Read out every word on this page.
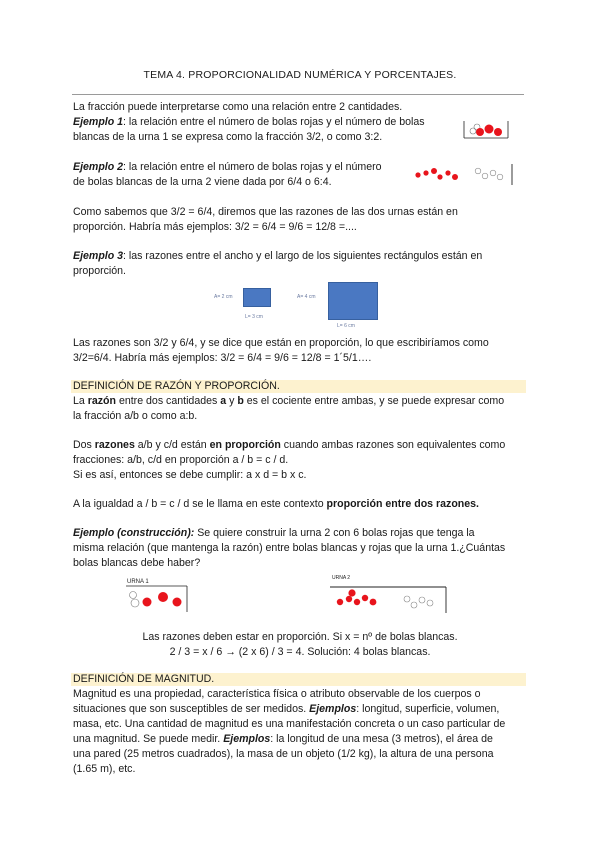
TEMA 4. PROPORCIONALIDAD NUMÉRICA Y PORCENTAJES.
La fracción puede interpretarse como una relación entre 2 cantidades.
Ejemplo 1: la relación entre el número de bolas rojas y el número de bolas
blancas de la urna 1 se expresa como la fracción 3/2, o como 3:2.
Ejemplo 2: la relación entre el número de bolas rojas y el número
de bolas blancas de la urna 2 viene dada por 6/4 o 6:4.
Como sabemos que 3/2 = 6/4, diremos que las razones de las dos urnas están en
proporción. Habría más ejemplos: 3/2 = 6/4 = 9/6 = 12/8 =....
Ejemplo 3: las razones entre el ancho y el largo de los siguientes rectángulos están en
proporción.
A= 2 cm
L= 3 cm
A= 4 cm
L= 6 cm
Las razones son 3/2 y 6/4, y se dice que están en proporción, lo que escribiríamos como
3/2=6/4. Habría más ejemplos: 3/2 = 6/4 = 9/6 = 12/8 = 1´5/1….
DEFINICIÓN DE RAZÓN Y PROPORCIÓN.
La razón entre dos cantidades a y b es el cociente entre ambas, y se puede expresar como
la fracción a/b o como a:b.
Dos razones a/b y c/d están en proporción cuando ambas razones son equivalentes como
fracciones: a/b, c/d en proporción a / b = c / d.
Si es así, entonces se debe cumplir: a x d = b x c.
A la igualdad a / b = c / d se le llama en este contexto proporción entre dos razones.
Ejemplo (construcción): Se quiere construir la urna 2 con 6 bolas rojas que tenga la
misma relación (que mantenga la razón) entre bolas blancas y rojas que la urna 1.¿Cuántas
bolas blancas debe haber?
URNA 1
URNA 2
Las razones deben estar en proporción. Si x = nº de bolas blancas.
2 / 3 = x / 6 → (2 x 6) / 3 = 4. Solución: 4 bolas blancas.
DEFINICIÓN DE MAGNITUD.
Magnitud es una propiedad, característica física o atributo observable de los cuerpos o
situaciones que son susceptibles de ser medidos. Ejemplos: longitud, superficie, volumen,
masa, etc. Una cantidad de magnitud es una manifestación concreta o un caso particular de
una magnitud. Se puede medir. Ejemplos: la longitud de una mesa (3 metros), el área de
una pared (25 metros cuadrados), la masa de un objeto (1/2 kg), la altura de una persona
(1.65 m), etc.
